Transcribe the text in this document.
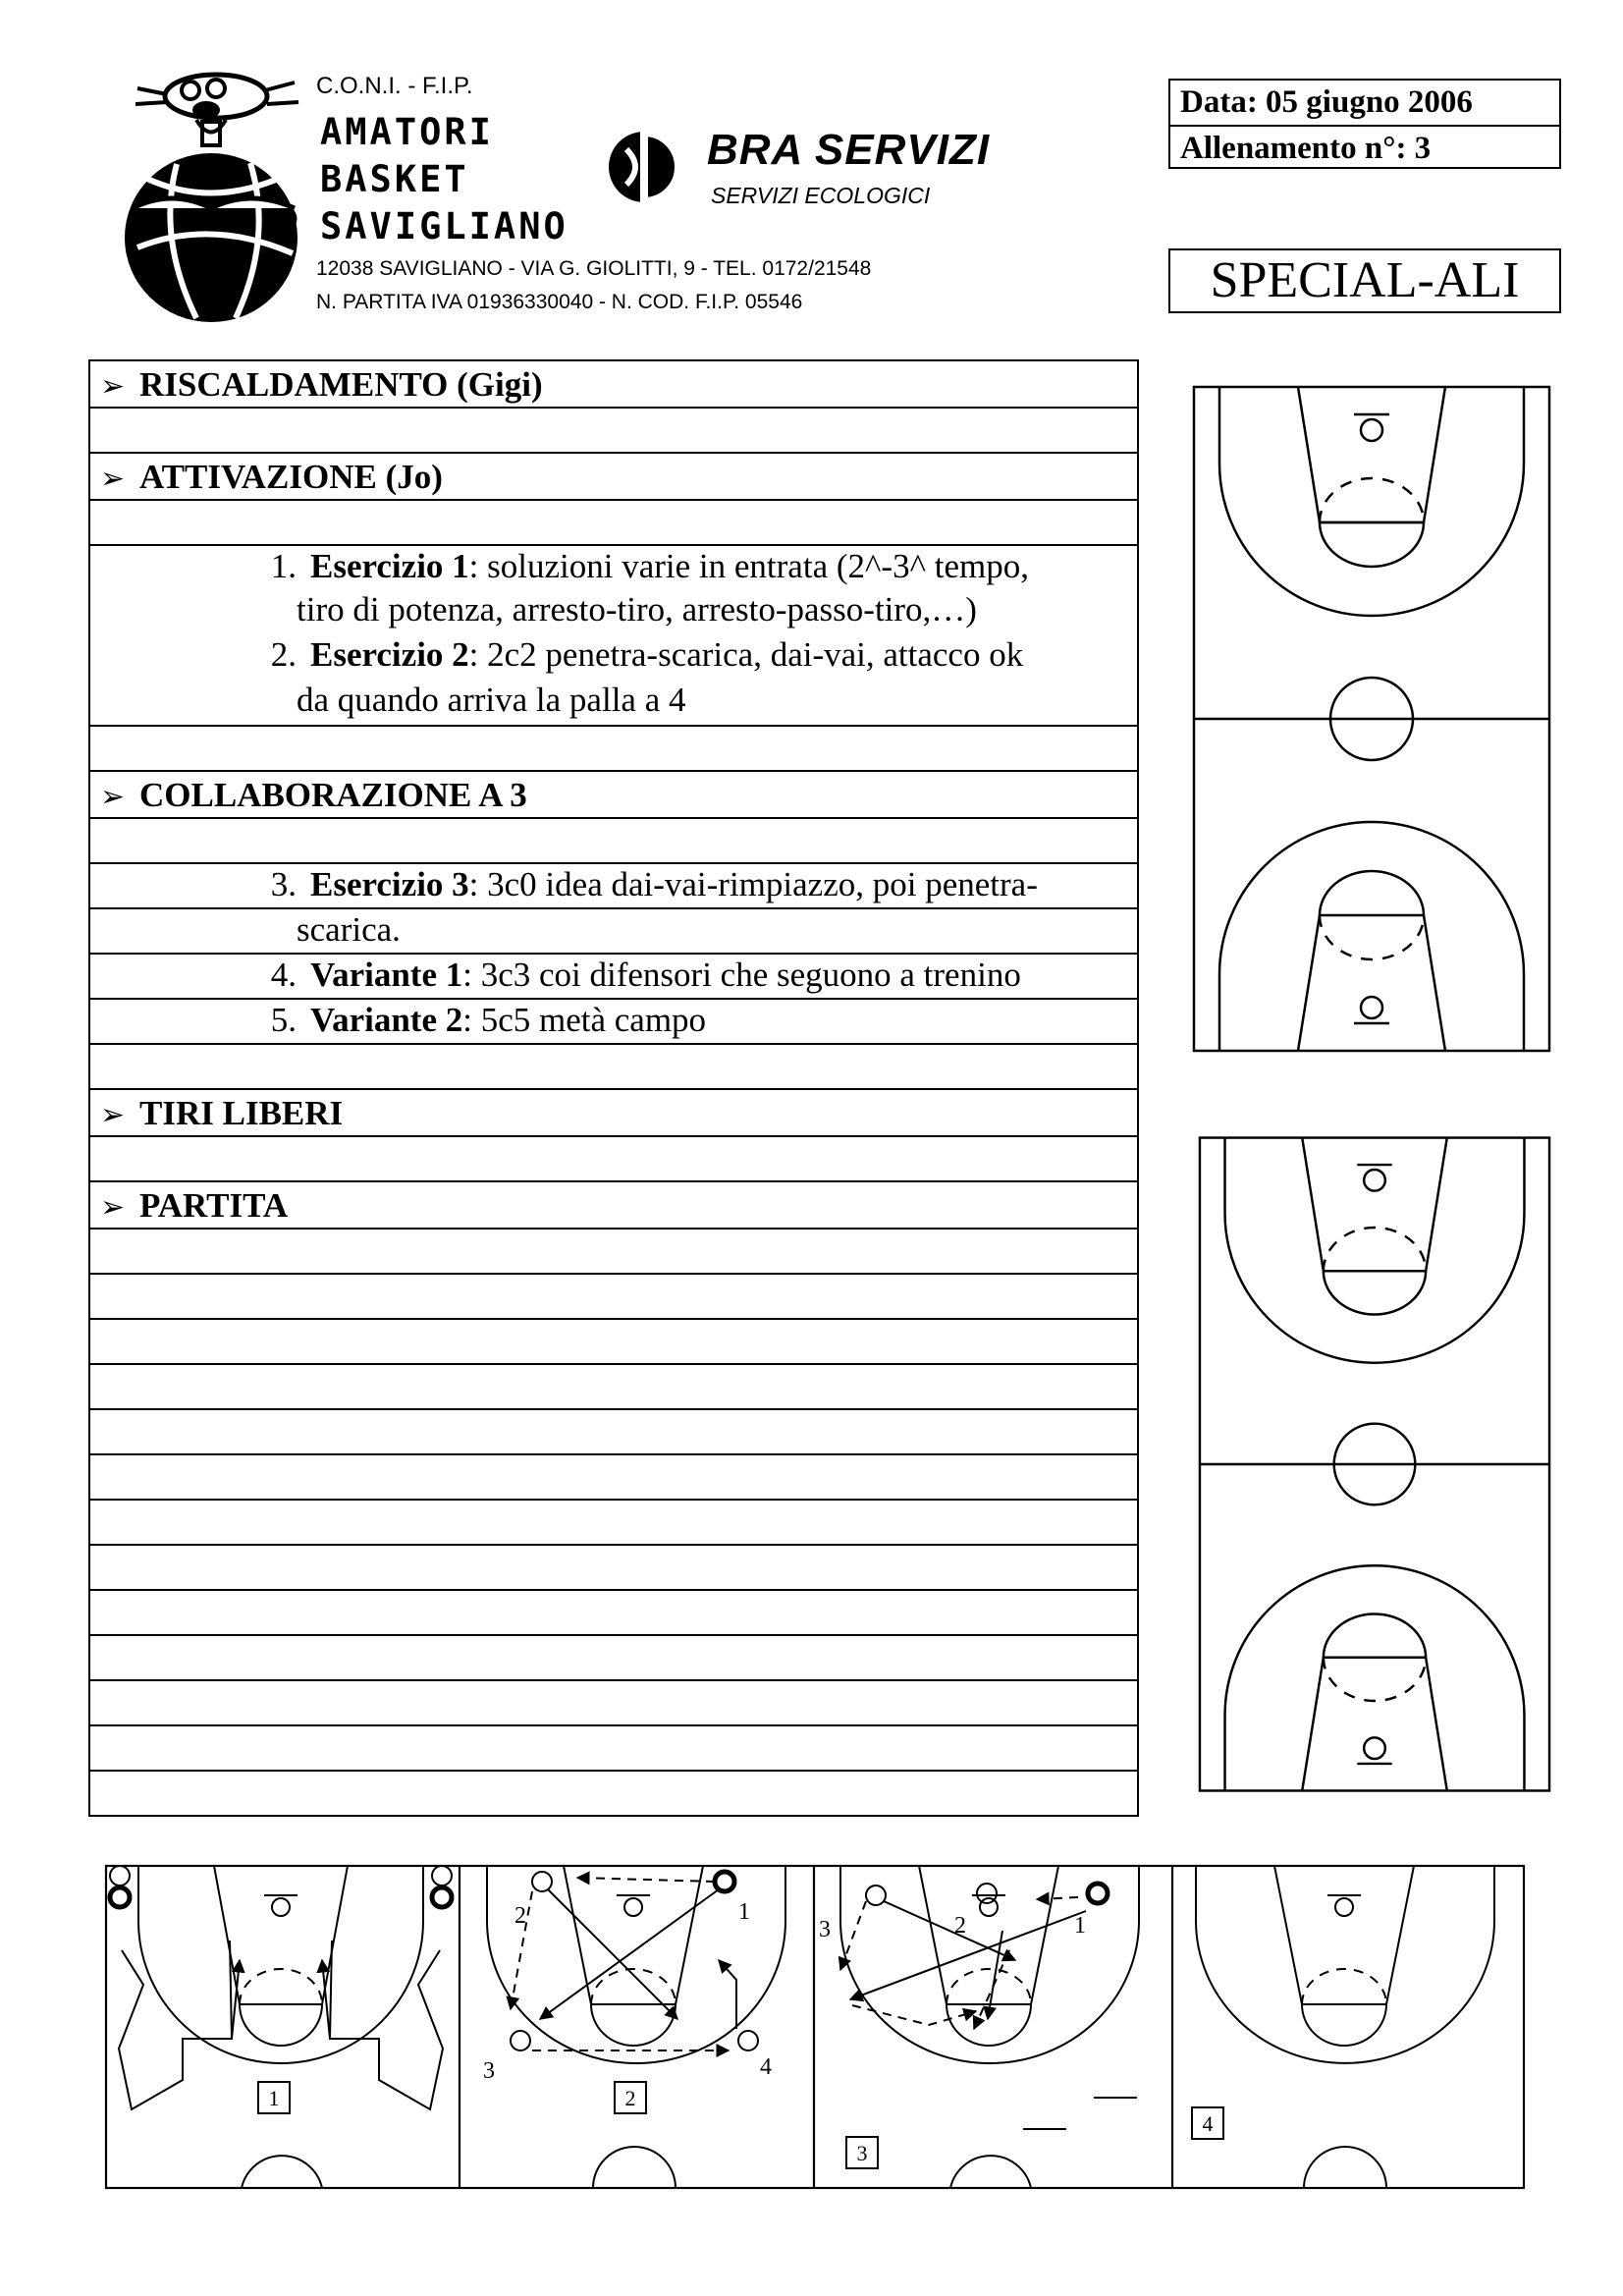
C.O.N.I. - F.I.P.
AMATORI
BASKET
SAVIGLIANO
12038 SAVIGLIANO - VIA G. GIOLITTI, 9 - TEL. 0172/21548
N. PARTITA IVA 01936330040 - N. COD. F.I.P. 05546
BRA SERVIZI
SERVIZI ECOLOGICI
Data: 05 giugno 2006
Allenamento n°: 3
SPECIAL-ALI
➢ RISCALDAMENTO (Gigi)
➢ ATTIVAZIONE (Jo)
1. Esercizio 1: soluzioni varie in entrata (2^-3^ tempo,
tiro di potenza, arresto-tiro, arresto-passo-tiro,…)
2. Esercizio 2: 2c2 penetra-scarica, dai-vai, attacco ok
da quando arriva la palla a 4
➢ COLLABORAZIONE A 3
3. Esercizio 3: 3c0 idea dai-vai-rimpiazzo, poi penetra-
scarica.
4. Variante 1: 3c3 coi difensori che seguono a trenino
5. Variante 2: 5c5 metà campo
➢ TIRI LIBERI
➢ PARTITA
1
2	1
3	4
2
3	2	1
3
4
